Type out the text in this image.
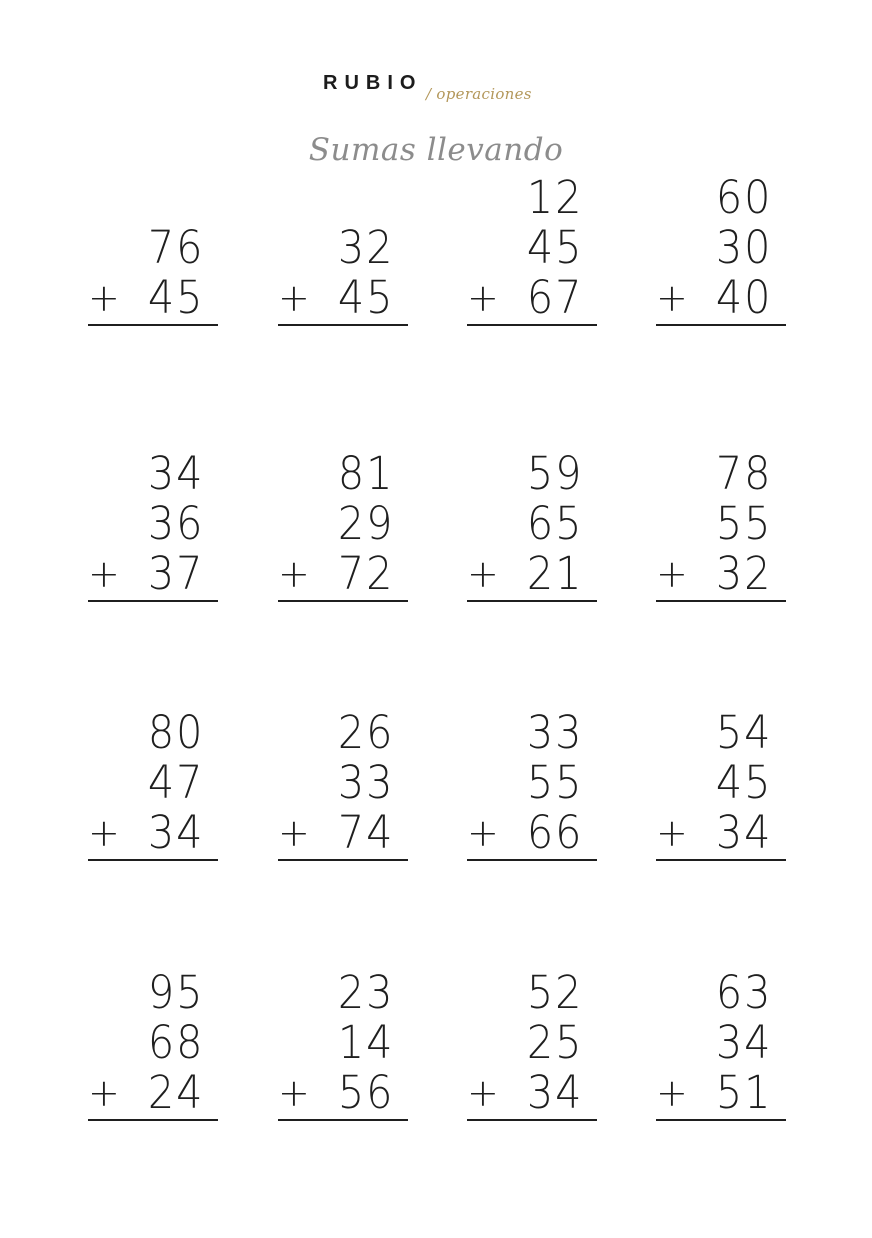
RUBIO / operaciones
Sumas llevando
76
45
+
32
45
+
12
45
67
+
60
30
40
+
34
36
37
+
81
29
72
+
59
65
21
+
78
55
32
+
80
47
34
+
26
33
74
+
33
55
66
+
54
45
34
+
95
68
24
+
23
14
56
+
52
25
34
+
63
34
51
+
